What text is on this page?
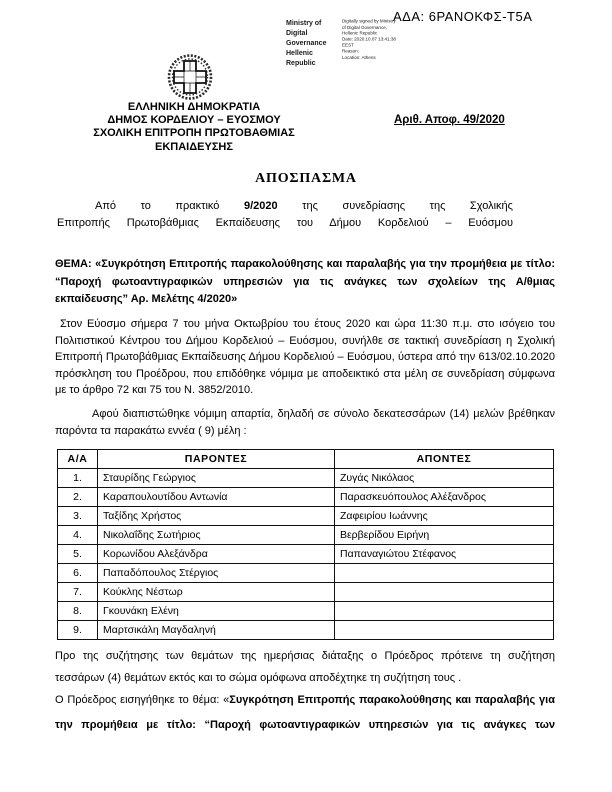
ΑΔΑ: 6ΡΑΝΟΚΦΣ-Τ5Α
Ministry of Digital
Governance
Hellenic Republic
Digitally signed by Ministry
of Digital Governance,
Hellenic Republic
Date: 2020.10.07 13:41:38
EEST
Reason:
Location: Athens
ΕΛΛΗΝΙΚΗ ΔΗΜΟΚΡΑΤΙΑ
ΔΗΜΟΣ ΚΟΡΔΕΛΙΟΥ – ΕΥΟΣΜΟΥ
ΣΧΟΛΙΚΗ ΕΠΙΤΡΟΠΗ ΠΡΩΤΟΒΑΘΜΙΑΣ
ΕΚΠΑΙΔΕΥΣΗΣ
Αριθ. Αποφ. 49/2020
ΑΠΟΣΠΑΣΜΑ
Από το πρακτικό 9/2020 της συνεδρίασης της Σχολικής
Επιτροπής Πρωτοβάθμιας Εκπαίδευσης του Δήμου Κορδελιού – Ευόσμου

ΘΕΜΑ: «Συγκρότηση Επιτροπής παρακολούθησης και παραλαβής για την προμήθεια με τίτλο: “Παροχή φωτοαντιγραφικών υπηρεσιών για τις ανάγκες των σχολείων της Α/θμιας εκπαίδευσης” Αρ. Μελέτης 4/2020»

Στον Εύοσμο σήμερα 7 του μήνα Οκτωβρίου του έτους 2020 και ώρα 11:30 π.μ. στο ισόγειο του Πολιτιστικού Κέντρου του Δήμου Κορδελιού – Ευόσμου, συνήλθε σε τακτική συνεδρίαση η Σχολική Επιτροπή Πρωτοβάθμιας Εκπαίδευσης Δήμου Κορδελιού – Ευόσμου, ύστερα από την 613/02.10.2020 πρόσκληση του Προέδρου, που επιδόθηκε νόμιμα με αποδεικτικό στα μέλη σε συνεδρίαση σύμφωνα με το άρθρο 72 και 75 του Ν. 3852/2010.

Αφού διαπιστώθηκε νόμιμη απαρτία, δηλαδή σε σύνολο δεκατεσσάρων (14) μελών βρέθηκαν παρόντα τα παρακάτω εννέα ( 9) μέλη :

Α/Α	ΠΑΡΟΝΤΕΣ	ΑΠΟΝΤΕΣ
1.	Σταυρίδης Γεώργιος	Ζυγάς Νικόλαος
2.	Καραπουλουτίδου Αντωνία	Παρασκευόπουλος Αλέξανδρος
3.	Ταξίδης Χρήστος	Ζαφειρίου Ιωάννης
4.	Νικολαΐδης Σωτήριος	Βερβερίδου Ειρήνη
5.	Κορωνίδου Αλεξάνδρα	Παπαναγιώτου Στέφανος
6.	Παπαδόπουλος Στέργιος	
7.	Κούκλης Νέστωρ	
8.	Γκουνάκη Ελένη	
9.	Μαρτσικάλη Μαγδαληνή	

Προ της συζήτησης των θεμάτων της ημερήσιας διάταξης ο Πρόεδρος πρότεινε τη συζήτηση τεσσάρων (4) θεμάτων εκτός και το σώμα ομόφωνα αποδέχτηκε τη συζήτηση τους .

Ο Πρόεδρος εισηγήθηκε το θέμα: «Συγκρότηση Επιτροπής παρακολούθησης και παραλαβής για την προμήθεια με τίτλο: “Παροχή φωτοαντιγραφικών υπηρεσιών για τις ανάγκες των
